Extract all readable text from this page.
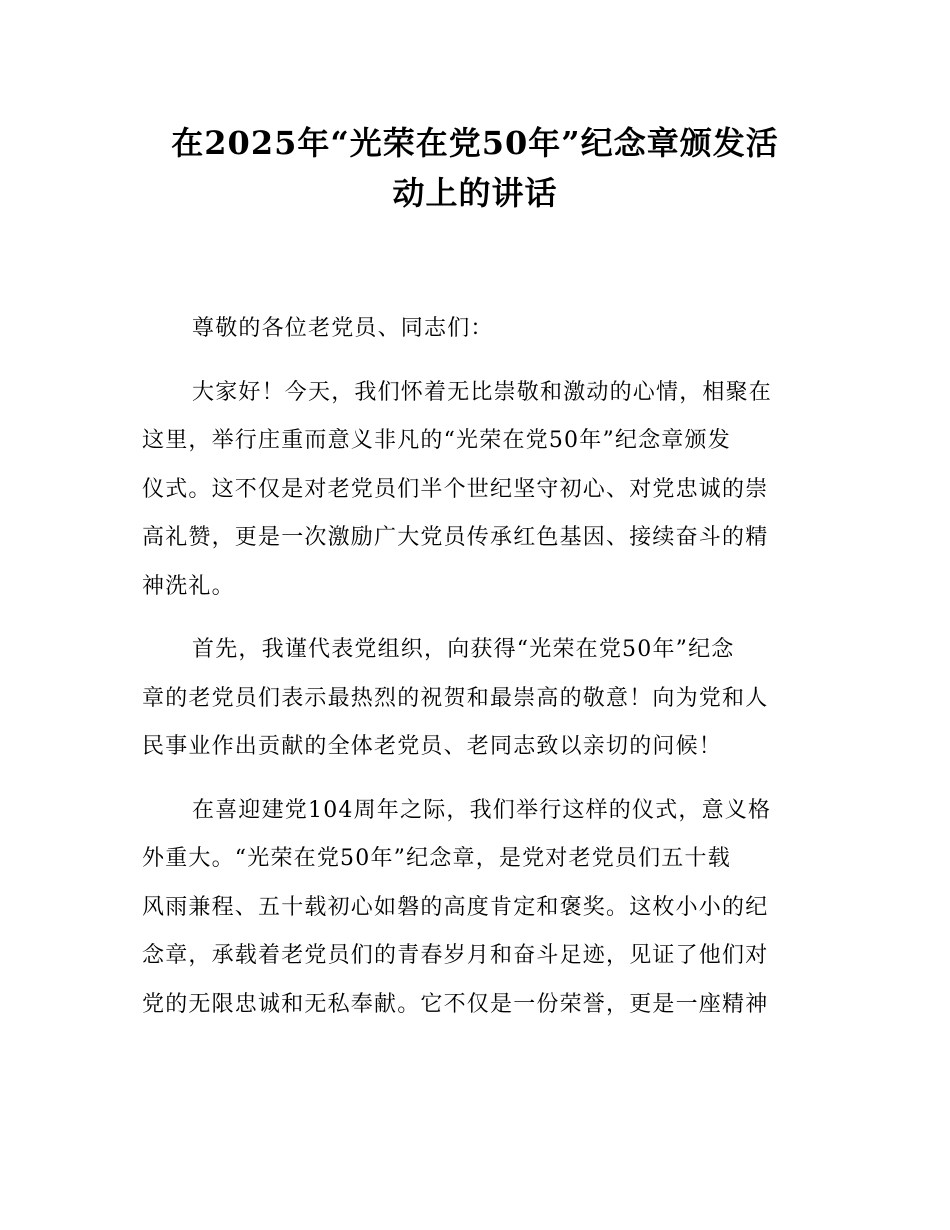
在2025年“光荣在党50年”纪念章颁发活
动上的讲话

尊敬的各位老党员、同志们：

大家好！今天，我们怀着无比崇敬和激动的心情，相聚在
这里，举行庄重而意义非凡的“光荣在党50年”纪念章颁发
仪式。这不仅是对老党员们半个世纪坚守初心、对党忠诚的崇
高礼赞，更是一次激励广大党员传承红色基因、接续奋斗的精
神洗礼。

首先，我谨代表党组织，向获得“光荣在党50年”纪念
章的老党员们表示最热烈的祝贺和最崇高的敬意！向为党和人
民事业作出贡献的全体老党员、老同志致以亲切的问候！

在喜迎建党104周年之际，我们举行这样的仪式，意义格
外重大。“光荣在党50年”纪念章，是党对老党员们五十载
风雨兼程、五十载初心如磐的高度肯定和褒奖。这枚小小的纪
念章，承载着老党员们的青春岁月和奋斗足迹，见证了他们对
党的无限忠诚和无私奉献。它不仅是一份荣誉，更是一座精神
